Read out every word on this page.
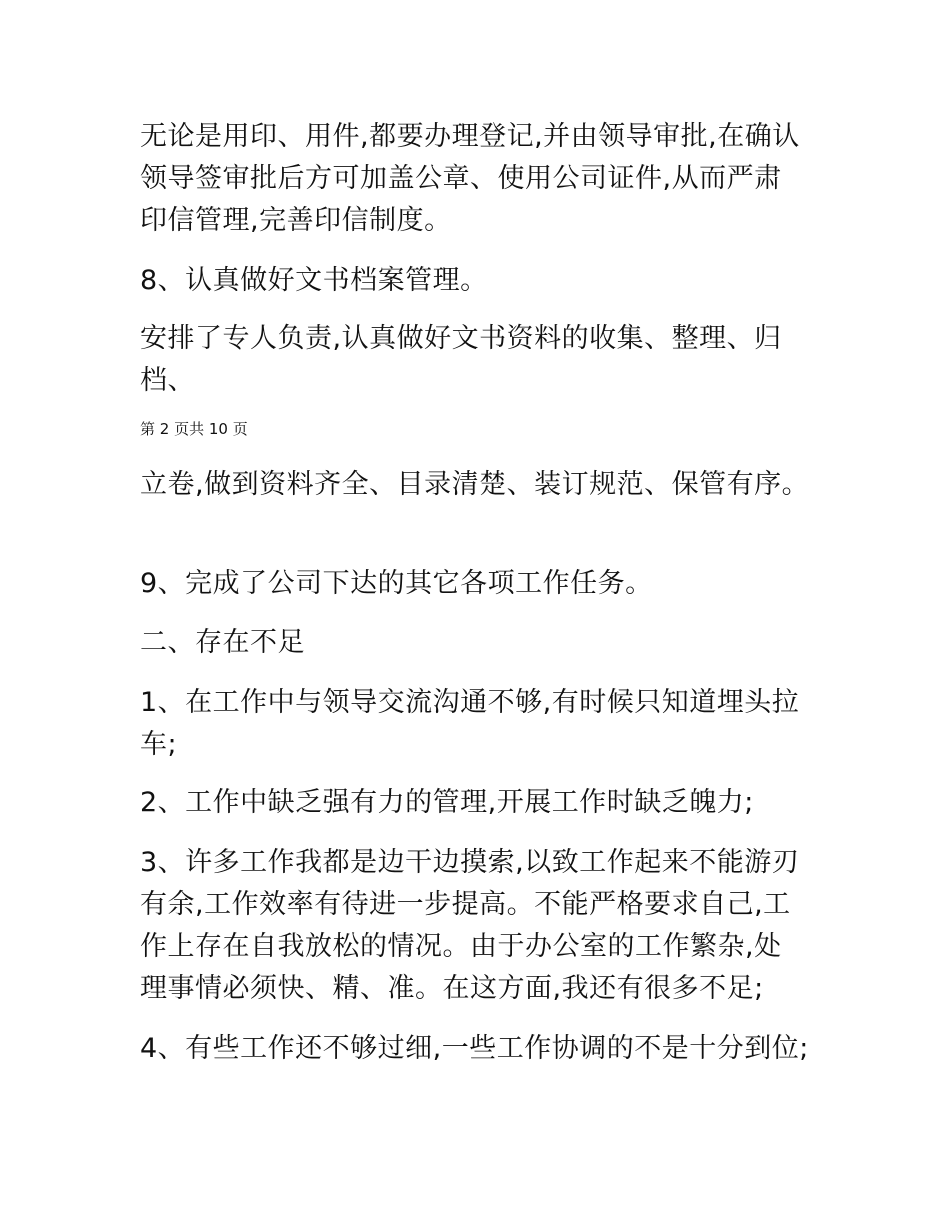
无论是用印、用件,都要办理登记,并由领导审批,在确认
领导签审批后方可加盖公章、使用公司证件,从而严肃
印信管理,完善印信制度。

8、认真做好文书档案管理。

安排了专人负责,认真做好文书资料的收集、整理、归
档、

第 2 页共 10 页

立卷,做到资料齐全、目录清楚、装订规范、保管有序。

9、完成了公司下达的其它各项工作任务。

二、存在不足

1、在工作中与领导交流沟通不够,有时候只知道埋头拉
车;

2、工作中缺乏强有力的管理,开展工作时缺乏魄力;

3、许多工作我都是边干边摸索,以致工作起来不能游刃
有余,工作效率有待进一步提高。不能严格要求自己,工
作上存在自我放松的情况。由于办公室的工作繁杂,处
理事情必须快、精、准。在这方面,我还有很多不足;

4、有些工作还不够过细,一些工作协调的不是十分到位;
